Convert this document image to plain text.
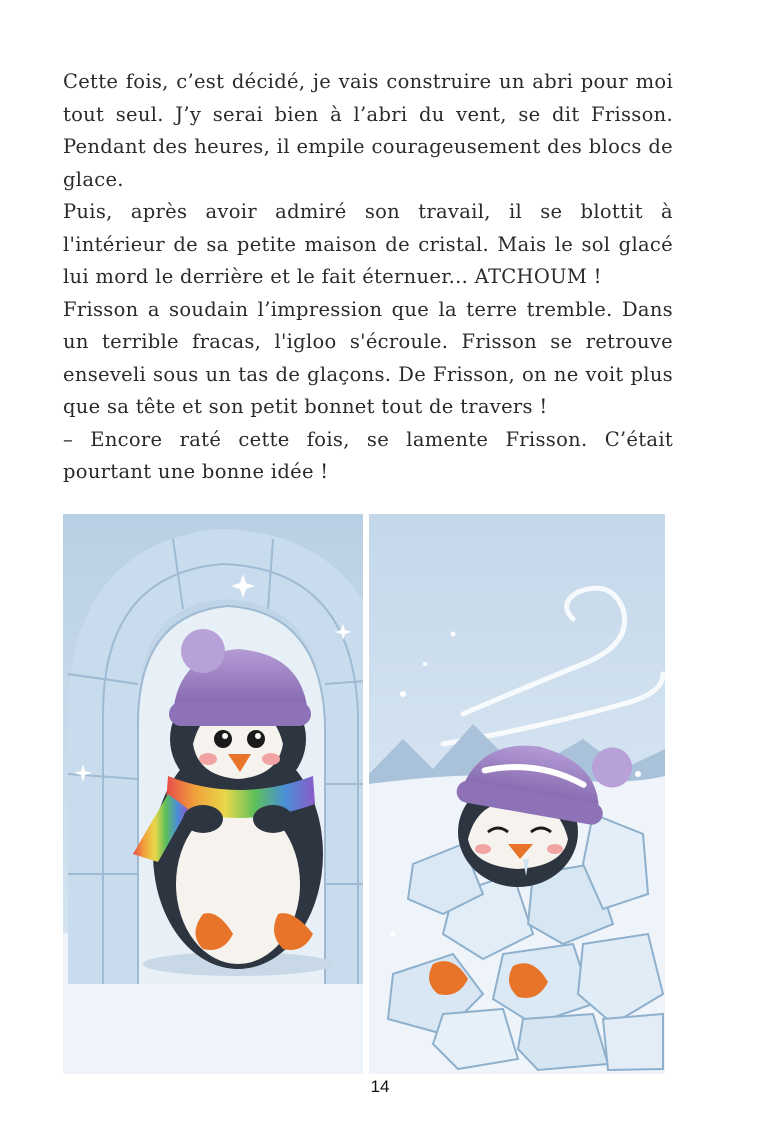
Cette fois, c’est décidé, je vais construire un abri pour moi tout seul. J’y serai bien à l’abri du vent, se dit Frisson. Pendant des heures, il empile courageusement des blocs de glace.

Puis, après avoir admiré son travail, il se blottit à l'intérieur de sa petite maison de cristal. Mais le sol glacé lui mord le derrière et le fait éternuer... ATCHOUM !

Frisson a soudain l’impression que la terre tremble. Dans un terrible fracas, l'igloo s'écroule. Frisson se retrouve enseveli sous un tas de glaçons. De Frisson, on ne voit plus que sa tête et son petit bonnet tout de travers !

– Encore raté cette fois, se lamente Frisson. C’était pourtant une bonne idée !

14
